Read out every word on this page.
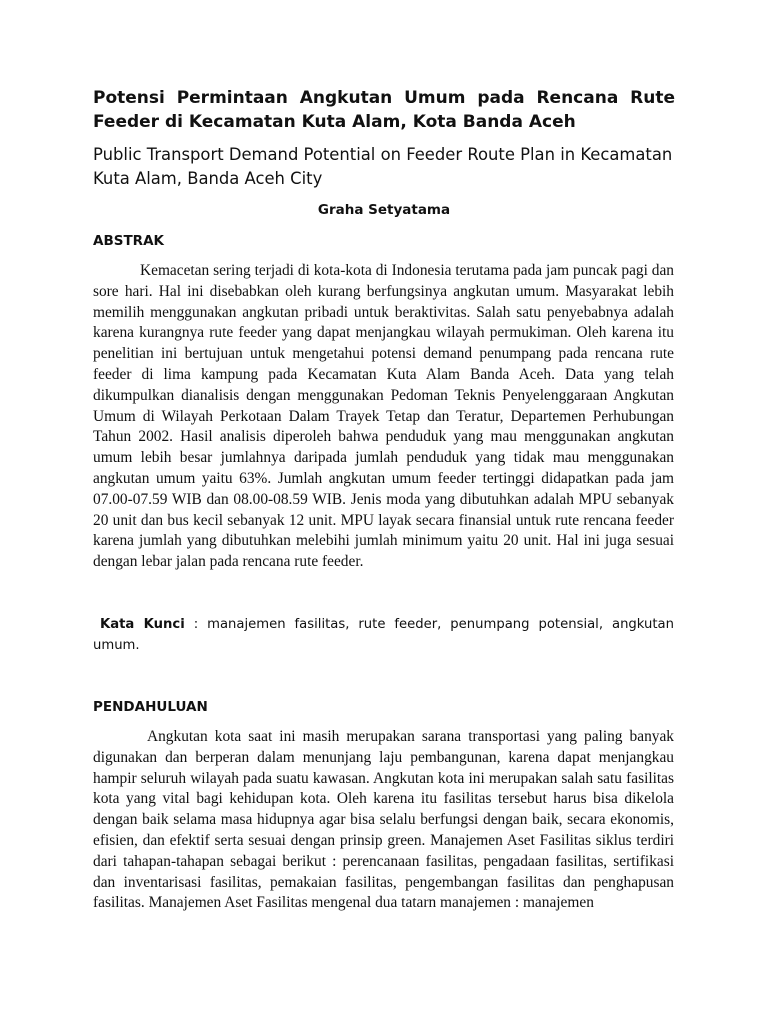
Potensi Permintaan Angkutan Umum pada Rencana Rute Feeder di Kecamatan Kuta Alam, Kota Banda Aceh
Public Transport Demand Potential on Feeder Route Plan in Kecamatan Kuta Alam, Banda Aceh City

Graha Setyatama

ABSTRAK

Kemacetan sering terjadi di kota-kota di Indonesia terutama pada jam puncak pagi dan sore hari. Hal ini disebabkan oleh kurang berfungsinya angkutan umum. Masyarakat lebih memilih menggunakan angkutan pribadi untuk beraktivitas. Salah satu penyebabnya adalah karena kurangnya rute feeder yang dapat menjangkau wilayah permukiman. Oleh karena itu penelitian ini bertujuan untuk mengetahui potensi demand penumpang pada rencana rute feeder di lima kampung pada Kecamatan Kuta Alam Banda Aceh. Data yang telah dikumpulkan dianalisis dengan menggunakan Pedoman Teknis Penyelenggaraan Angkutan Umum di Wilayah Perkotaan Dalam Trayek Tetap dan Teratur, Departemen Perhubungan Tahun 2002. Hasil analisis diperoleh bahwa penduduk yang mau menggunakan angkutan umum lebih besar jumlahnya daripada jumlah penduduk yang tidak mau menggunakan angkutan umum yaitu 63%. Jumlah angkutan umum feeder tertinggi didapatkan pada jam 07.00-07.59 WIB dan 08.00-08.59 WIB. Jenis moda yang dibutuhkan adalah MPU sebanyak 20 unit dan bus kecil sebanyak 12 unit. MPU layak secara finansial untuk rute rencana feeder karena jumlah yang dibutuhkan melebihi jumlah minimum yaitu 20 unit. Hal ini juga sesuai dengan lebar jalan pada rencana rute feeder.

Kata Kunci : manajemen fasilitas, rute feeder, penumpang potensial, angkutan umum.

PENDAHULUAN

Angkutan kota saat ini masih merupakan sarana transportasi yang paling banyak digunakan dan berperan dalam menunjang laju pembangunan, karena dapat menjangkau hampir seluruh wilayah pada suatu kawasan. Angkutan kota ini merupakan salah satu fasilitas kota yang vital bagi kehidupan kota. Oleh karena itu fasilitas tersebut harus bisa dikelola dengan baik selama masa hidupnya agar bisa selalu berfungsi dengan baik, secara ekonomis, efisien, dan efektif serta sesuai dengan prinsip green. Manajemen Aset Fasilitas siklus terdiri dari tahapan-tahapan sebagai berikut : perencanaan fasilitas, pengadaan fasilitas, sertifikasi dan inventarisasi fasilitas, pemakaian fasilitas, pengembangan fasilitas dan penghapusan fasilitas. Manajemen Aset Fasilitas mengenal dua tatarn manajemen : manajemen
